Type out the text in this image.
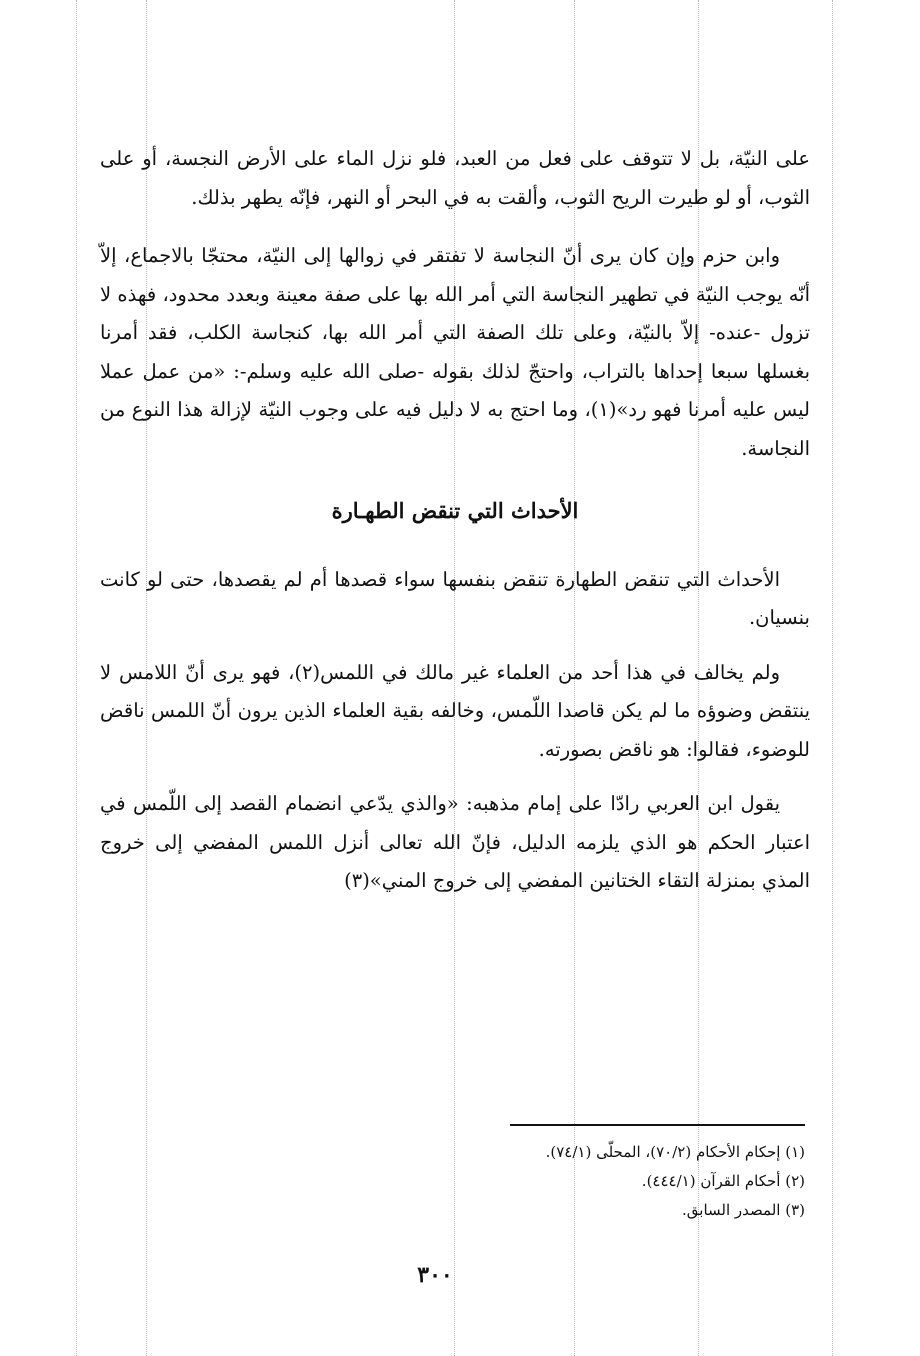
على النيّة، بل لا تتوقف على فعل من العبد، فلو نزل الماء على الأرض النجسة، أو على الثوب، أو لو طيرت الريح الثوب، وألقت به في البحر أو النهر، فإنّه يطهر بذلك.

وابن حزم وإن كان يرى أنّ النجاسة لا تفتقر في زوالها إلى النيّة، محتجّا بالاجماع، إلاّ أنّه يوجب النيّة في تطهير النجاسة التي أمر الله بها على صفة معينة وبعدد محدود، فهذه لا تزول -عنده- إلاّ بالنيّة، وعلى تلك الصفة التي أمر الله بها، كنجاسة الكلب، فقد أمرنا بغسلها سبعا إحداها بالتراب، واحتجّ لذلك بقوله -صلى الله عليه وسلم-: «من عمل عملا ليس عليه أمرنا فهو رد»(١)، وما احتج به لا دليل فيه على وجوب النيّة لإزالة هذا النوع من النجاسة.

الأحداث التي تنقض الطهـارة

الأحداث التي تنقض الطهارة تنقض بنفسها سواء قصدها أم لم يقصدها، حتى لو كانت بنسيان.

ولم يخالف في هذا أحد من العلماء غير مالك في اللمس(٢)، فهو يرى أنّ اللامس لا ينتقض وضوؤه ما لم يكن قاصدا اللّمس، وخالفه بقية العلماء الذين يرون أنّ اللمس ناقض للوضوء، فقالوا: هو ناقض بصورته.

يقول ابن العربي رادّا على إمام مذهبه: «والذي يدّعي انضمام القصد إلى اللّمس في اعتبار الحكم هو الذي يلزمه الدليل، فإنّ الله تعالى أنزل اللمس المفضي إلى خروج المذي بمنزلة التقاء الختانين المفضي إلى خروج المني»(٣)

(١) إحكام الأحكام (٧٠/٢)، المحلّى (٧٤/١).
(٢) أحكام القرآن (٤٤٤/١).
(٣) المصدر السابق.
٣٠٠
